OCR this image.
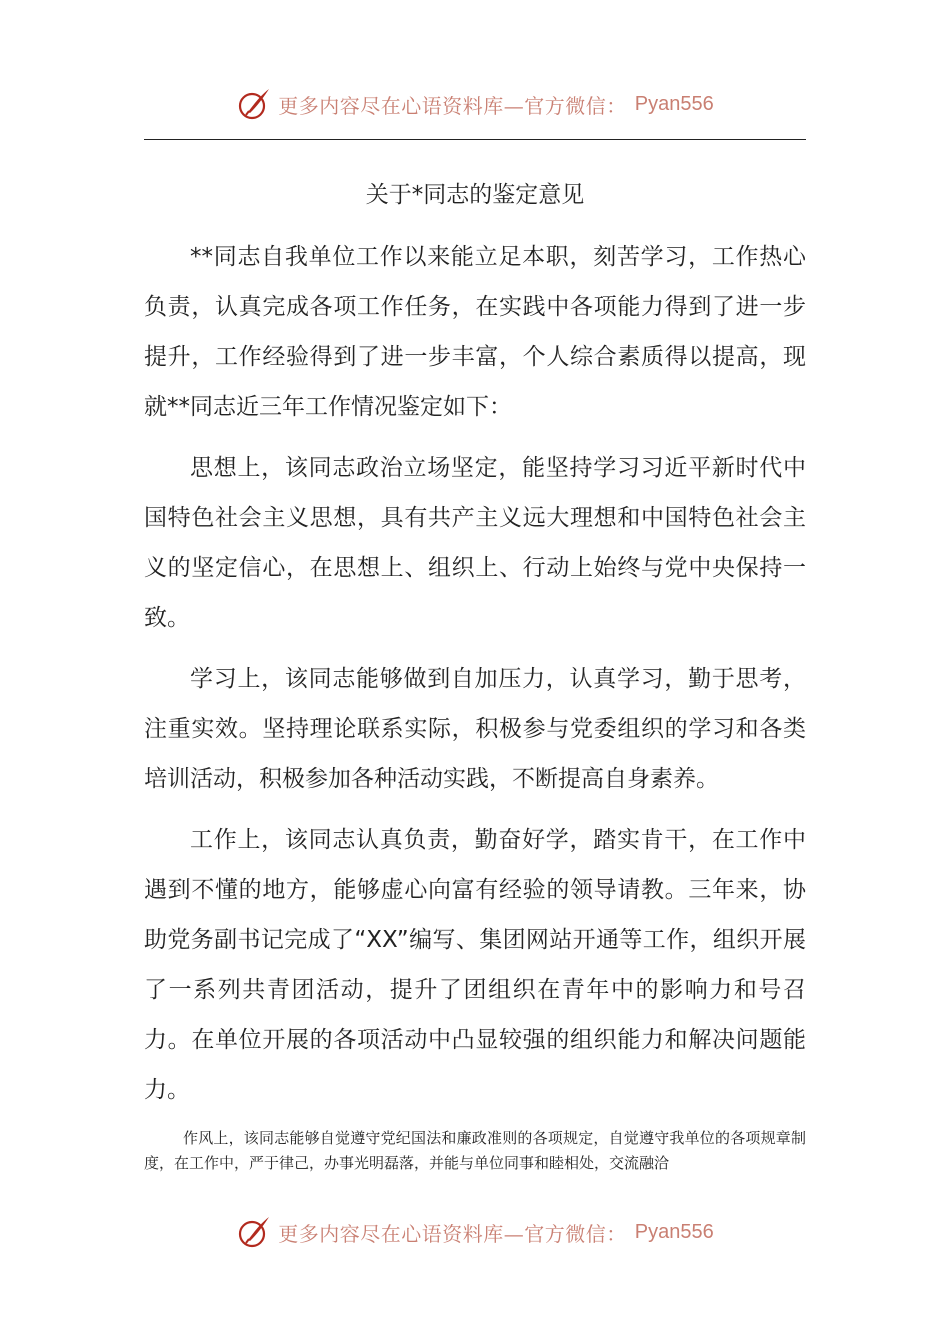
更多内容尽在心语资料库—官方微信： Pyan556
关于*同志的鉴定意见

**同志自我单位工作以来能立足本职，刻苦学习，工作热心负责，认真完成各项工作任务，在实践中各项能力得到了进一步提升，工作经验得到了进一步丰富，个人综合素质得以提高，现就**同志近三年工作情况鉴定如下：

思想上，该同志政治立场坚定，能坚持学习习近平新时代中国特色社会主义思想，具有共产主义远大理想和中国特色社会主义的坚定信心，在思想上、组织上、行动上始终与党中央保持一致。

学习上，该同志能够做到自加压力，认真学习，勤于思考，注重实效。坚持理论联系实际，积极参与党委组织的学习和各类培训活动，积极参加各种活动实践，不断提高自身素养。

工作上，该同志认真负责，勤奋好学，踏实肯干，在工作中遇到不懂的地方，能够虚心向富有经验的领导请教。三年来，协助党务副书记完成了“XX”编写、集团网站开通等工作，组织开展了一系列共青团活动，提升了团组织在青年中的影响力和号召力。在单位开展的各项活动中凸显较强的组织能力和解决问题能力。

作风上，该同志能够自觉遵守党纪国法和廉政准则的各项规定，自觉遵守我单位的各项规章制度，在工作中，严于律己，办事光明磊落，并能与单位同事和睦相处，交流融洽

更多内容尽在心语资料库—官方微信： Pyan556
